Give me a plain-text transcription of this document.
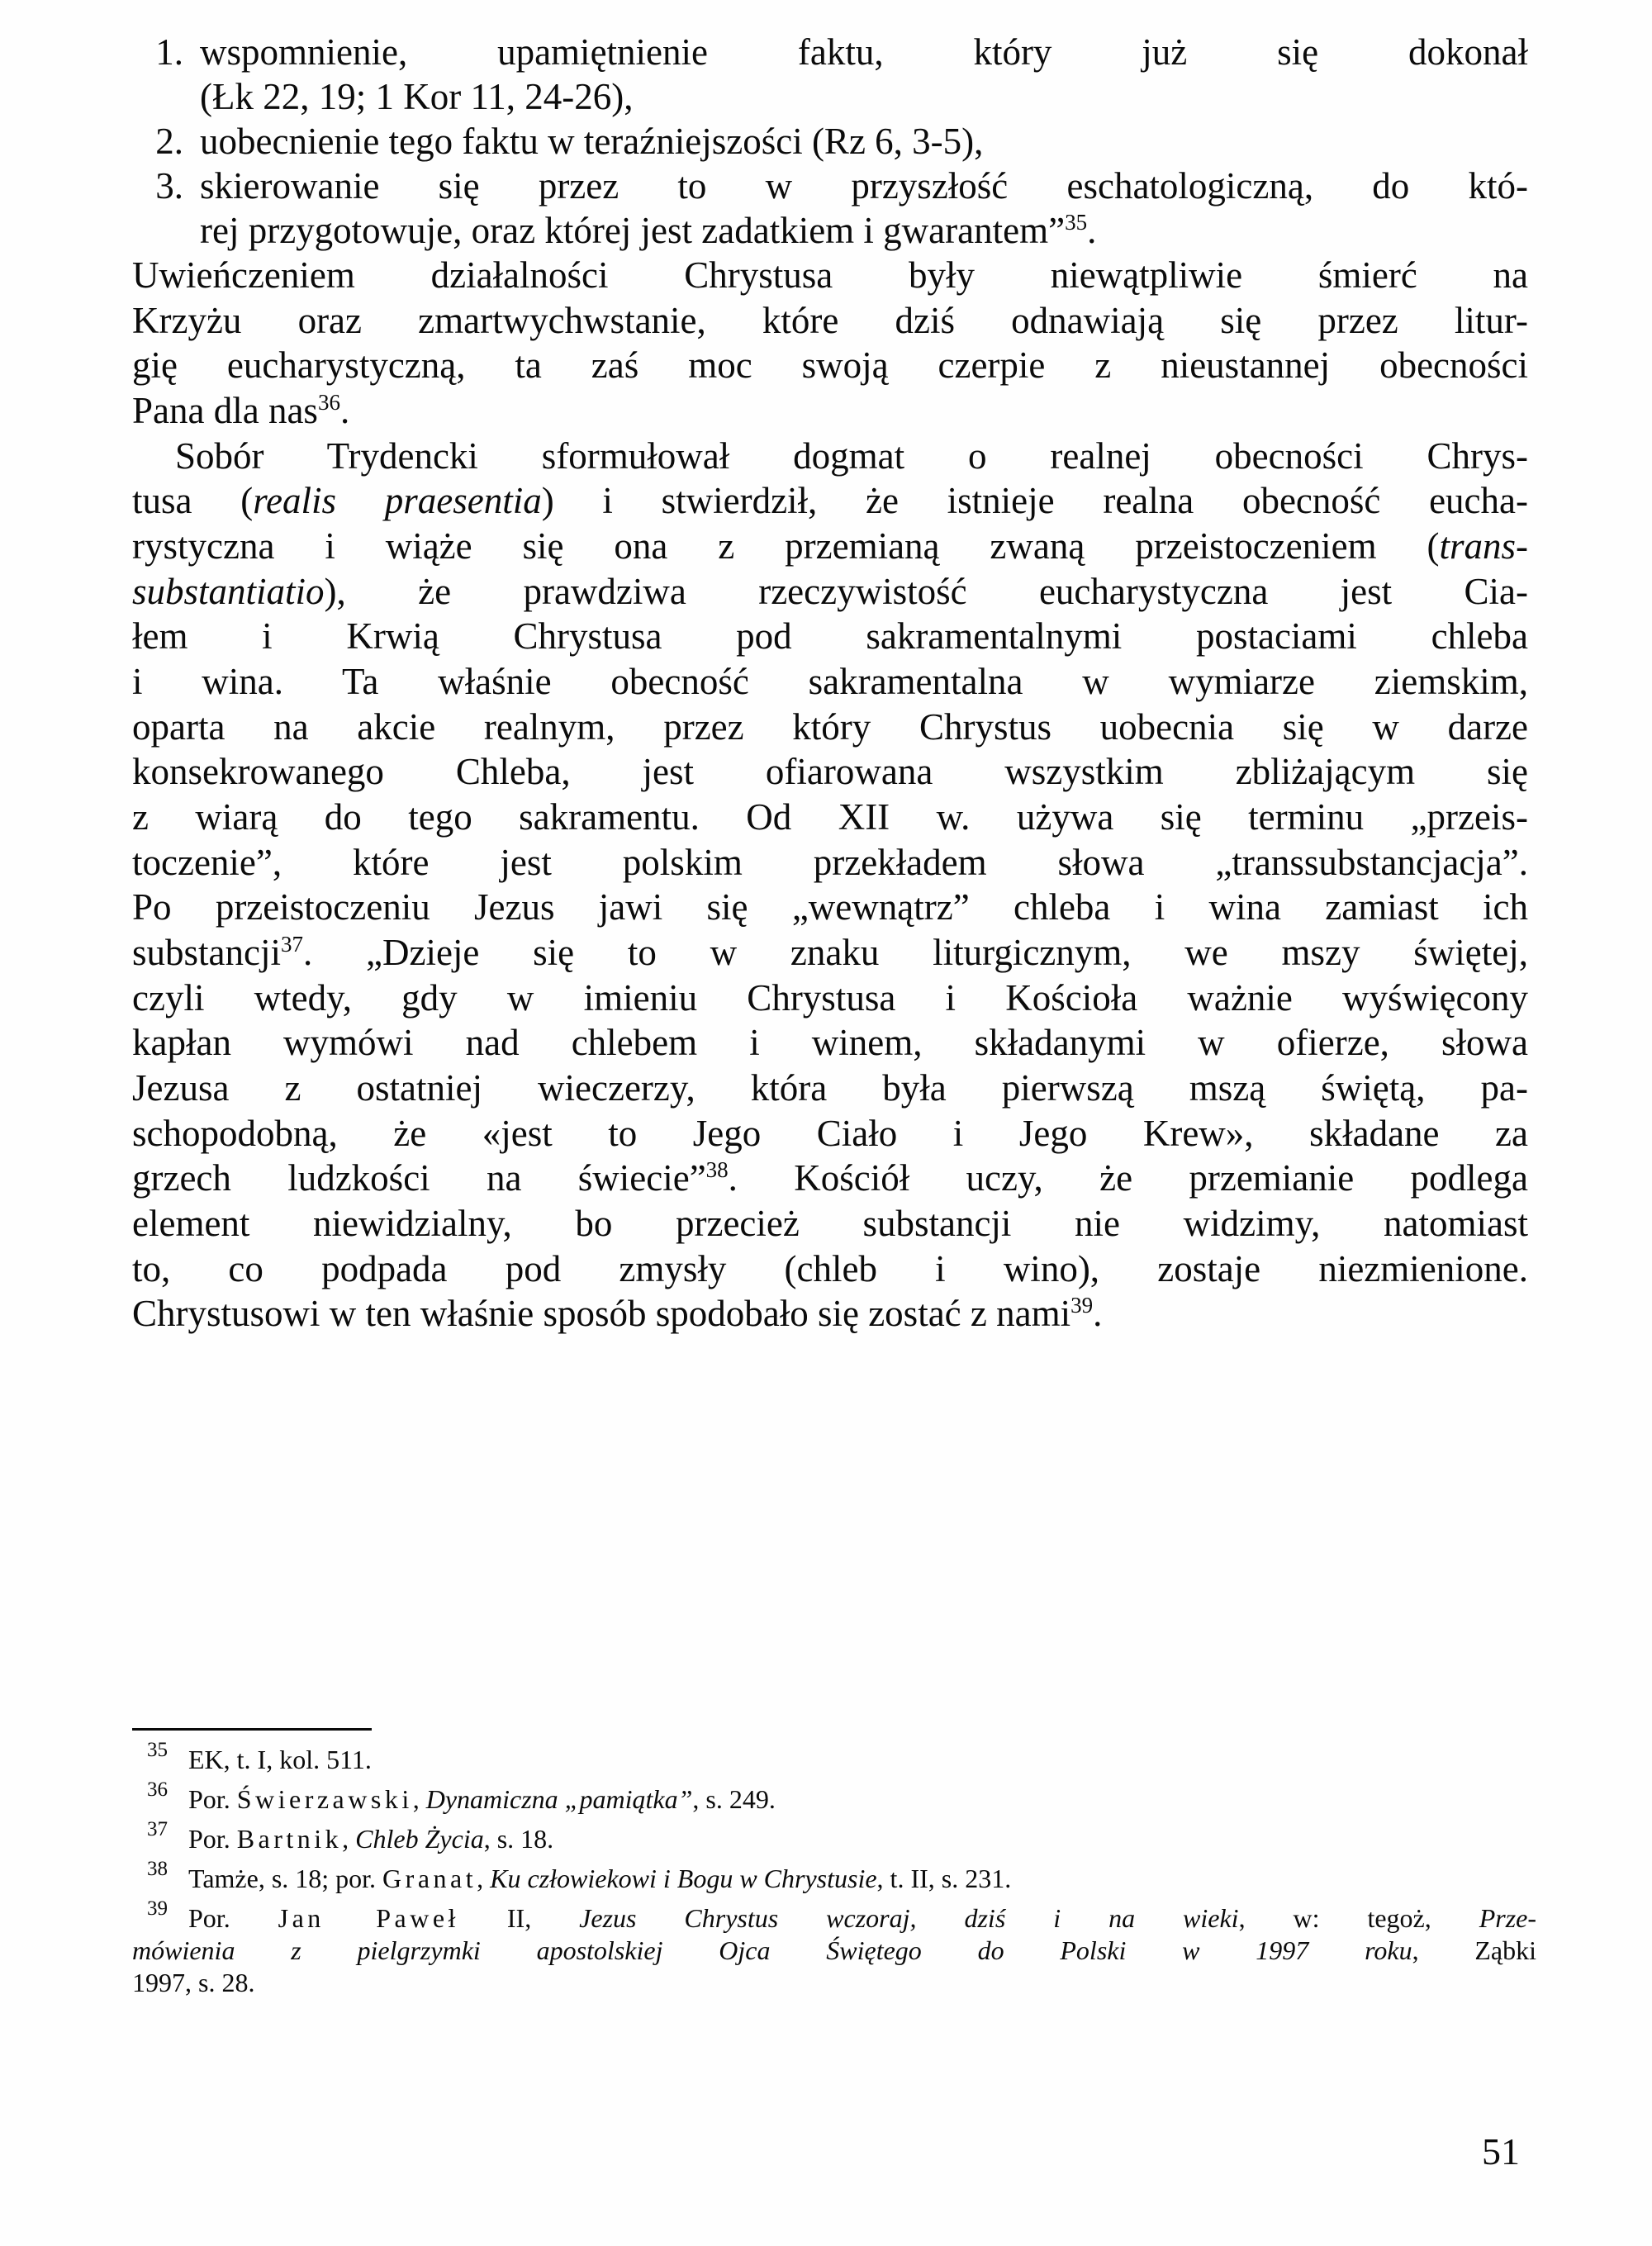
1. wspomnienie, upamiętnienie faktu, który już się dokonał
(Łk 22, 19; 1 Kor 11, 24-26),
2. uobecnienie tego faktu w teraźniejszości (Rz 6, 3-5),
3. skierowanie się przez to w przyszłość eschatologiczną, do któ-
rej przygotowuje, oraz której jest zadatkiem i gwarantem”$^{35}$.
Uwieńczeniem działalności Chrystusa były niewątpliwie śmierć na
Krzyżu oraz zmartwychwstanie, które dziś odnawiają się przez litur-
gię eucharystyczną, ta zaś moc swoją czerpie z nieustannej obecności
Pana dla nas$^{36}$.
Sobór Trydencki sformułował dogmat o realnej obecności Chrys-
tusa (realis praesentia) i stwierdził, że istnieje realna obecność eucha-
rystyczna i wiąże się ona z przemianą zwaną przeistoczeniem (trans-
substantiatio), że prawdziwa rzeczywistość eucharystyczna jest Cia-
łem i Krwią Chrystusa pod sakramentalnymi postaciami chleba
i wina. Ta właśnie obecność sakramentalna w wymiarze ziemskim,
oparta na akcie realnym, przez który Chrystus uobecnia się w darze
konsekrowanego Chleba, jest ofiarowana wszystkim zbliżającym się
z wiarą do tego sakramentu. Od XII w. używa się terminu „przeis-
toczenie”, które jest polskim przekładem słowa „transsubstancjacja”.
Po przeistoczeniu Jezus jawi się „wewnątrz” chleba i wina zamiast ich
substancji$^{37}$. „Dzieje się to w znaku liturgicznym, we mszy świętej,
czyli wtedy, gdy w imieniu Chrystusa i Kościoła ważnie wyświęcony
kapłan wymówi nad chlebem i winem, składanymi w ofierze, słowa
Jezusa z ostatniej wieczerzy, która była pierwszą mszą świętą, pa-
schopodobną, że «jest to Jego Ciało i Jego Krew», składane za
grzech ludzkości na świecie”$^{38}$. Kościół uczy, że przemianie podlega
element niewidzialny, bo przecież substancji nie widzimy, natomiast
to, co podpada pod zmysły (chleb i wino), zostaje niezmienione.
Chrystusowi w ten właśnie sposób spodobało się zostać z nami$^{39}$.
35 EK, t. I, kol. 511.
36 Por. Świerzawski, Dynamiczna „pamiątka”, s. 249.
37 Por. Bartnik, Chleb Życia, s. 18.
38 Tamże, s. 18; por. Granat, Ku człowiekowi i Bogu w Chrystusie, t. II, s. 231.
39 Por. Jan Paweł II, Jezus Chrystus wczoraj, dziś i na wieki, w: tegoż, Prze-
mówienia z pielgrzymki apostolskiej Ojca Świętego do Polski w 1997 roku, Ząbki
1997, s. 28.
51
